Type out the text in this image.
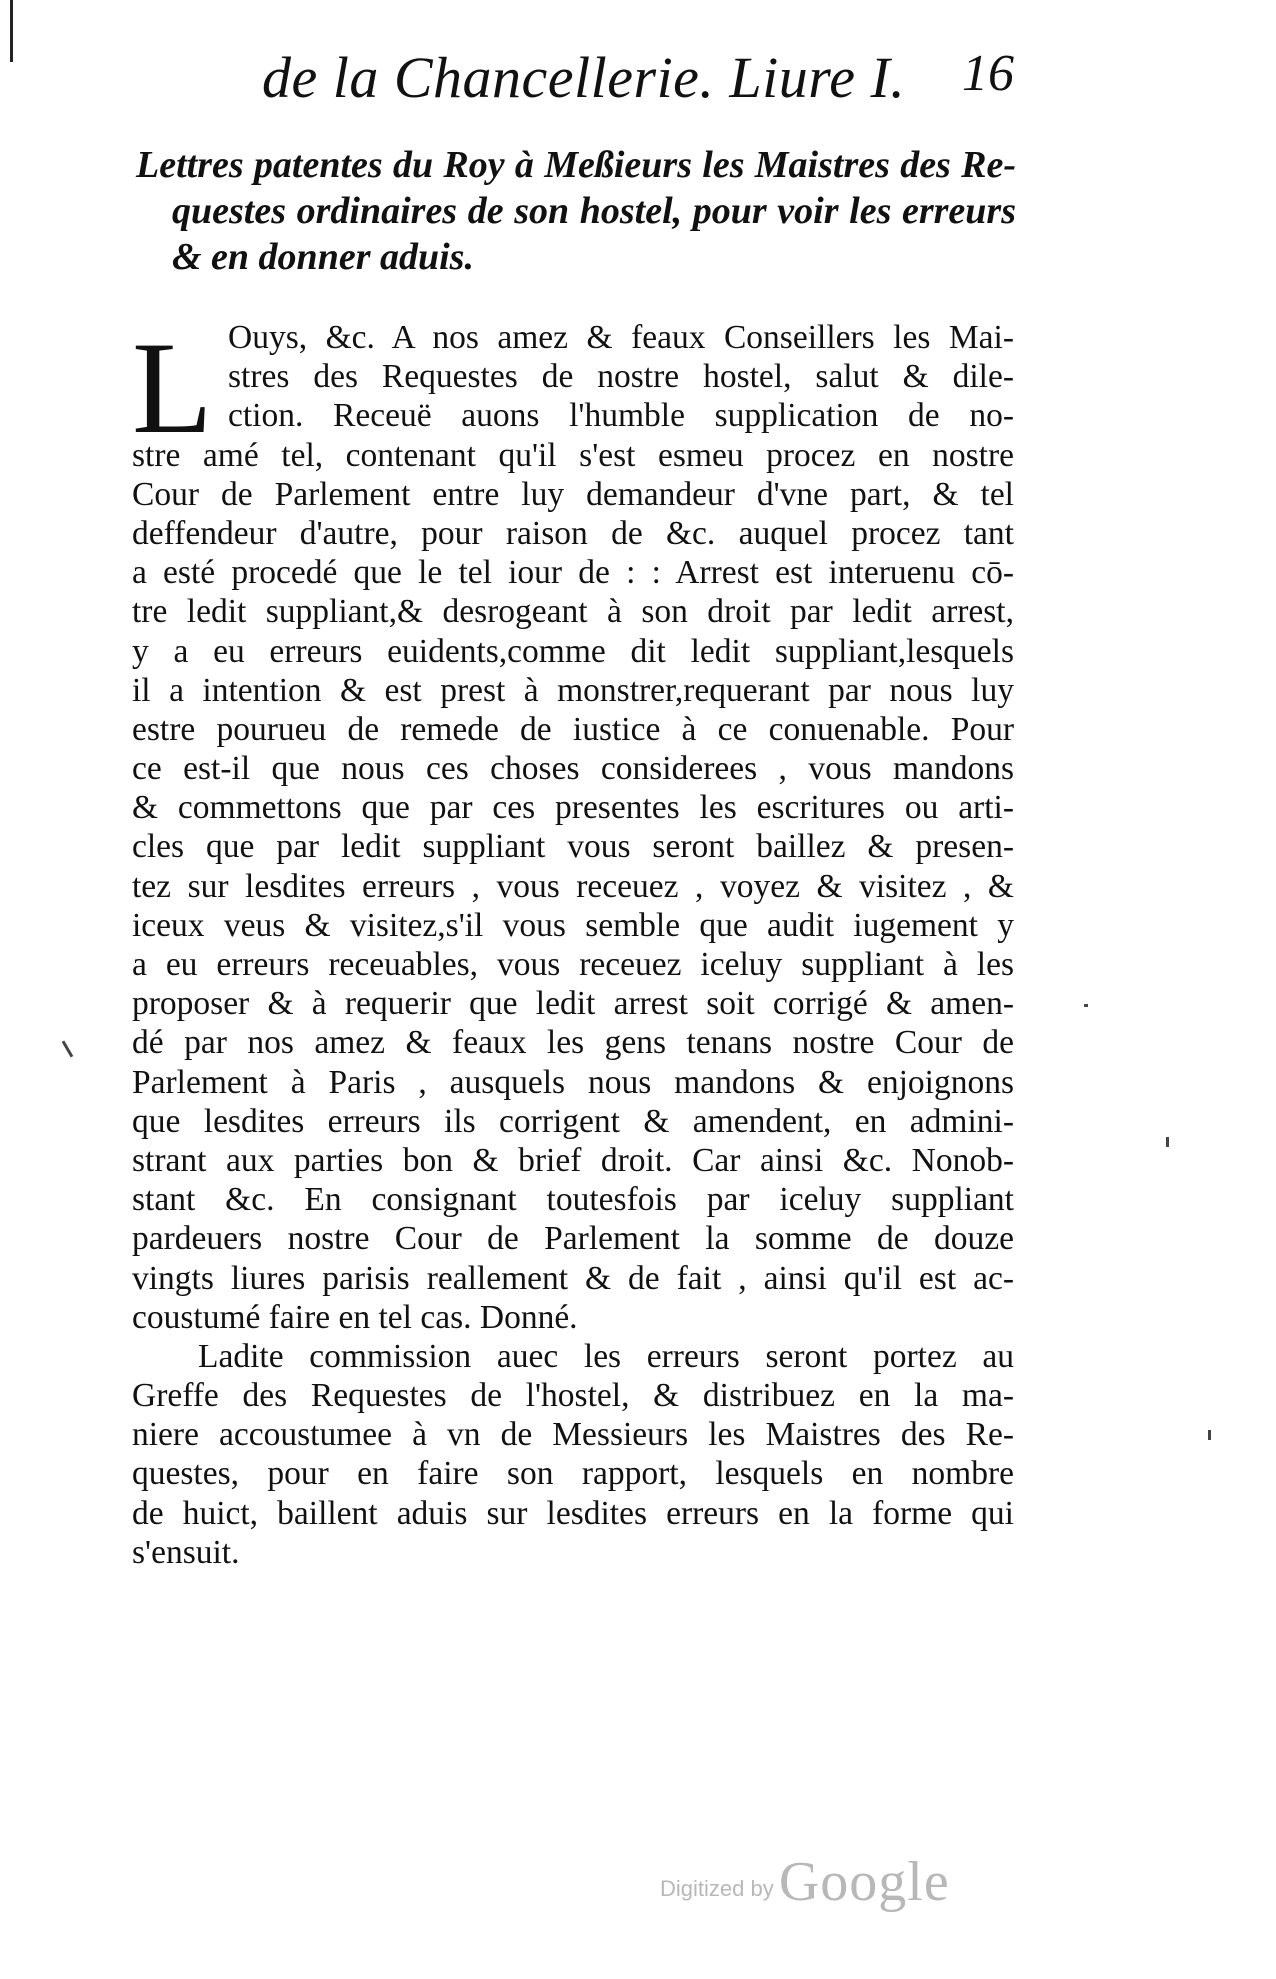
de la Chancellerie. Liure I. 16
Lettres patentes du Roy à Meßieurs les Maistres des Re-
questes ordinaires de son hostel, pour voir les erreurs
& en donner aduis.
L Ouys, &c. A nos amez & feaux Conseillers les Mai-
stres des Requestes de nostre hostel, salut & dile-
ction. Receuë auons l'humble supplication de no-
stre amé tel, contenant qu'il s'est esmeu procez en nostre
Cour de Parlement entre luy demandeur d'vne part, & tel
deffendeur d'autre, pour raison de &c. auquel procez tant
a esté procedé que le tel iour de : : Arrest est interuenu cō-
tre ledit suppliant,& desrogeant à son droit par ledit arrest,
y a eu erreurs euidents,comme dit ledit suppliant,lesquels
il a intention & est prest à monstrer,requerant par nous luy
estre pourueu de remede de iustice à ce conuenable. Pour
ce est-il que nous ces choses considerees , vous mandons
& commettons que par ces presentes les escritures ou arti-
cles que par ledit suppliant vous seront baillez & presen-
tez sur lesdites erreurs , vous receuez , voyez & visitez , &
iceux veus & visitez,s'il vous semble que audit iugement y
a eu erreurs receuables, vous receuez iceluy suppliant à les
proposer & à requerir que ledit arrest soit corrigé & amen-
dé par nos amez & feaux les gens tenans nostre Cour de
Parlement à Paris , ausquels nous mandons & enjoignons
que lesdites erreurs ils corrigent & amendent, en admini-
strant aux parties bon & brief droit. Car ainsi &c. Nonob-
stant &c. En consignant toutesfois par iceluy suppliant
pardeuers nostre Cour de Parlement la somme de douze
vingts liures parisis reallement & de fait , ainsi qu'il est ac-
coustumé faire en tel cas. Donné.
Ladite commission auec les erreurs seront portez au
Greffe des Requestes de l'hostel, & distribuez en la ma-
niere accoustumee à vn de Messieurs les Maistres des Re-
questes, pour en faire son rapport, lesquels en nombre
de huict, baillent aduis sur lesdites erreurs en la forme qui
s'ensuit.
Digitized by Google
